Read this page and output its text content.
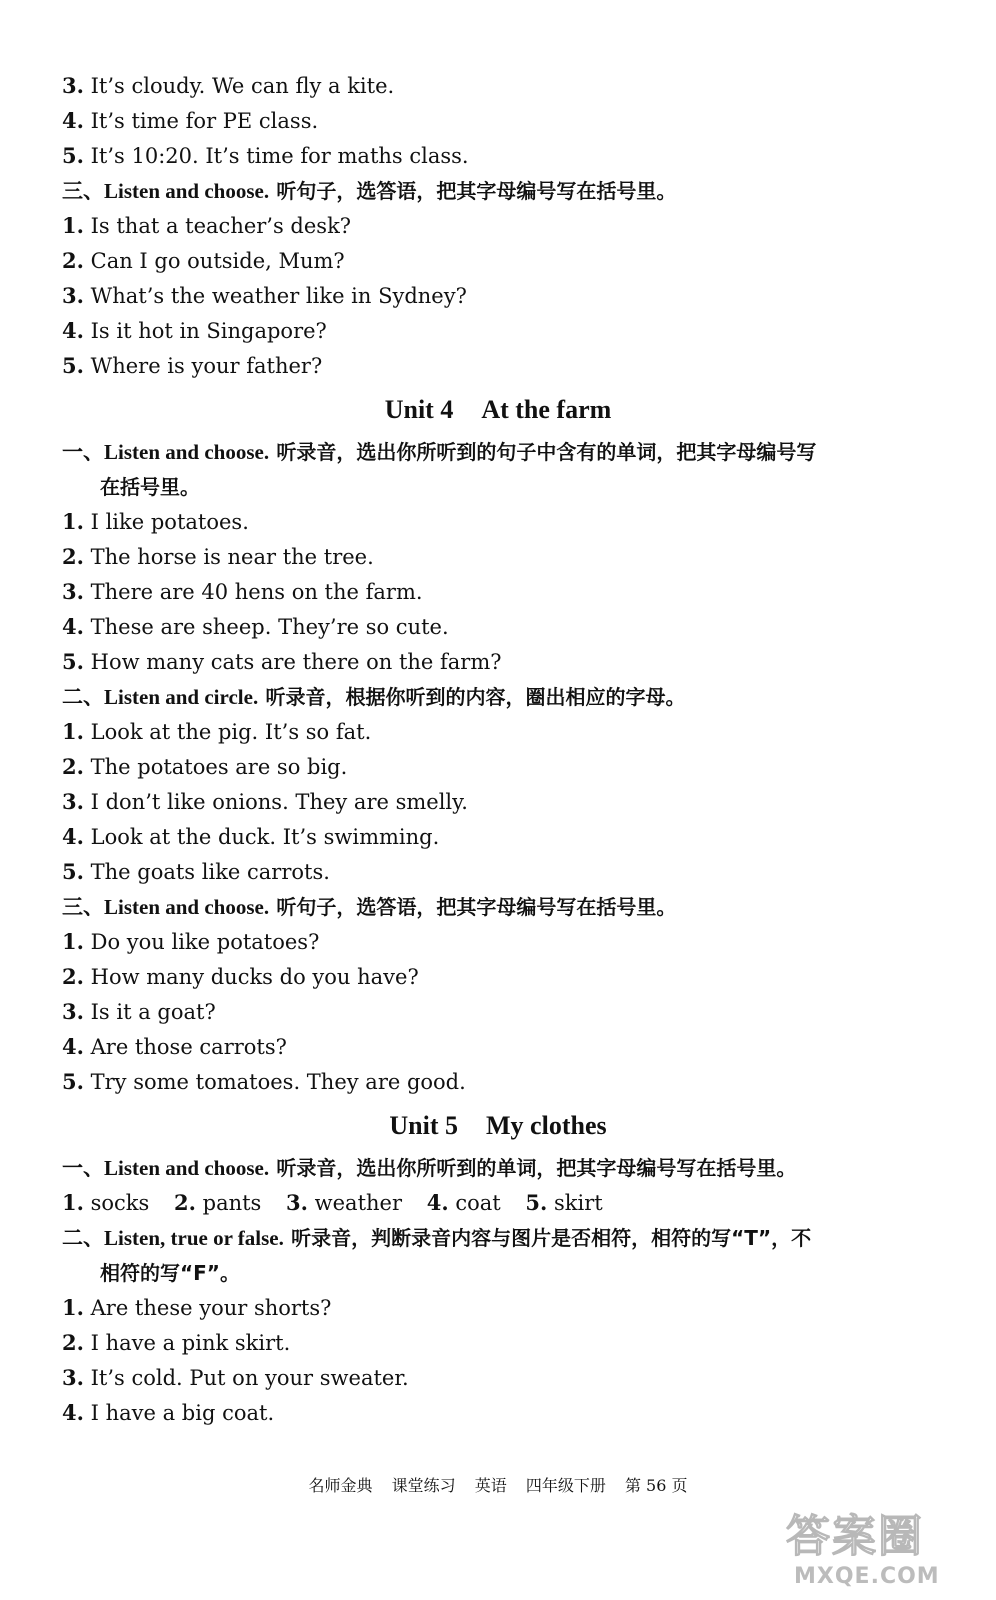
3. It’s cloudy. We can fly a kite.
4. It’s time for PE class.
5. It’s 10:20. It’s time for maths class.
三、Listen and choose. 听句子，选答语，把其字母编号写在括号里。
1. Is that a teacher’s desk?
2. Can I go outside, Mum?
3. What’s the weather like in Sydney?
4. Is it hot in Singapore?
5. Where is your father?
Unit 4 At the farm
一、Listen and choose. 听录音，选出你所听到的句子中含有的单词，把其字母编号写
在括号里。
1. I like potatoes.
2. The horse is near the tree.
3. There are 40 hens on the farm.
4. These are sheep. They’re so cute.
5. How many cats are there on the farm?
二、Listen and circle. 听录音，根据你听到的内容，圈出相应的字母。
1. Look at the pig. It’s so fat.
2. The potatoes are so big.
3. I don’t like onions. They are smelly.
4. Look at the duck. It’s swimming.
5. The goats like carrots.
三、Listen and choose. 听句子，选答语，把其字母编号写在括号里。
1. Do you like potatoes?
2. How many ducks do you have?
3. Is it a goat?
4. Are those carrots?
5. Try some tomatoes. They are good.
Unit 5 My clothes
一、Listen and choose. 听录音，选出你所听到的单词，把其字母编号写在括号里。
1. socks 2. pants 3. weather 4. coat 5. skirt
二、Listen, true or false. 听录音，判断录音内容与图片是否相符，相符的写“T”，不
相符的写“F”。
1. Are these your shorts?
2. I have a pink skirt.
3. It’s cold. Put on your sweater.
4. I have a big coat.
名师金典 课堂练习 英语 四年级下册 第 56 页
答案圈
MXQE.COM
